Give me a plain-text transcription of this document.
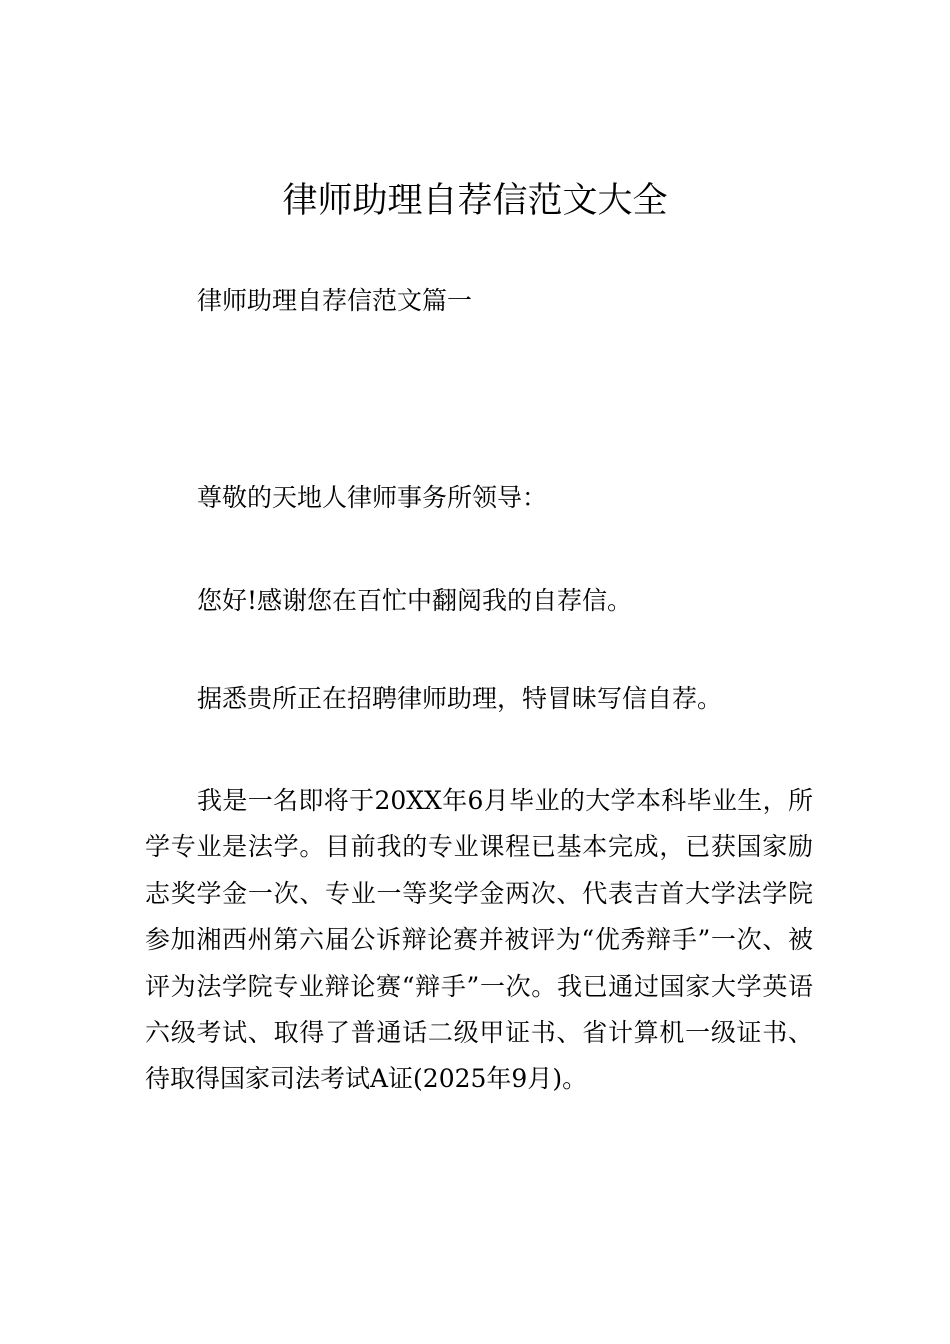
律师助理自荐信范文大全
律师助理自荐信范文篇一
尊敬的天地人律师事务所领导：
您好!感谢您在百忙中翻阅我的自荐信。
据悉贵所正在招聘律师助理，特冒昧写信自荐。
我是一名即将于20XX年6月毕业的大学本科毕业生，所学专业是法学。目前我的专业课程已基本完成，已获国家励志奖学金一次、专业一等奖学金两次、代表吉首大学法学院参加湘西州第六届公诉辩论赛并被评为“优秀辩手”一次、被评为法学院专业辩论赛“辩手”一次。我已通过国家大学英语六级考试、取得了普通话二级甲证书、省计算机一级证书、待取得国家司法考试A证(2025年9月)。
